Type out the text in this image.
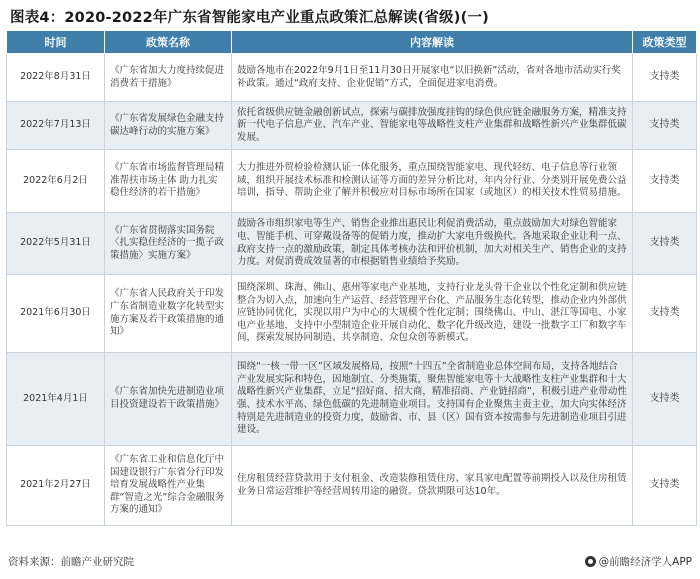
图表4：2020-2022年广东省智能家电产业重点政策汇总解读(省级)(一)
时间	政策名称	内容解读	政策类型
2022年8月31日	《广东省加大力度持续促进消费若干措施》	鼓励各地市在2022年9月1日至11月30日开展家电“以旧换新”活动，省对各地市活动实行奖补政策。通过“政府支持、企业促销”方式，全面促进家电消费。	支持类
2022年7月13日	《广东省发展绿色金融支持碳达峰行动的实施方案》	依托省级供应链金融创新试点，探索与碳排放强度挂钩的绿色供应链金融服务方案，精准支持新一代电子信息产业、汽车产业、智能家电等战略性支柱产业集群和战略性新兴产业集群低碳发展。	支持类
2022年6月2日	《广东省市场监督管理局精准帮扶市场主体 助力扎实稳住经济的若干措施》	大力推进外贸检验检测认证一体化服务，重点围绕智能家电、现代轻纺、电子信息等行业领域，组织开展技术标准和检测认证等方面的差异分析比对，年内分行业、分类别开展免费公益培训，指导、帮助企业了解并积极应对目标市场所在国家（或地区）的相关技术性贸易措施。	支持类
2022年5月31日	《广东省贯彻落实国务院〈扎实稳住经济的一揽子政策措施〉实施方案》	鼓励各市组织家电等生产、销售企业推出惠民让利促消费活动，重点鼓励加大对绿色智能家电、智能手机、可穿戴设备等的促销力度，推动扩大家电升级换代。各地采取企业让利一点、政府支持一点的激励政策，制定具体考核办法和评价机制，加大对相关生产、销售企业的支持力度。对促消费成效显著的市根据销售业绩给予奖励。	支持类
2021年6月30日	《广东省人民政府关于印发广东省制造业数字化转型实施方案及若干政策措施的通知》	围绕深圳、珠海、佛山、惠州等家电产业基地，支持行业龙头骨干企业以个性化定制和供应链整合为切入点，加速向生产运营、经营管理平台化、产品服务生态化转型，推动企业内外部供应链协同优化，实现以用户为中心的大规模个性化定制；围绕佛山、中山、湛江等国电、小家电产业基地，支持中小型制造企业开展自动化、数字化升级改造，建设一批数字工厂和数字车间，探索发展协同制造、共享制造、众包众创等新模式。	支持类
2021年4月1日	《广东省加快先进制造业项目投资建设若干政策措施》	围绕“一核一带一区”区域发展格局，按照“十四五”全省制造业总体空间布局，支持各地结合产业发展实际和特色，因地制宜、分类施策，聚焦智能家电等十大战略性支柱产业集群和十大战略性新兴产业集群，立足“招好商、招大商，精准招商、产业链招商”，积极引进产业带动性强、技术水平高、绿色低碳的先进制造业项目。支持国有企业聚焦主责主业，加大向实体经济特别是先进制造业的投资力度，鼓励省、市、县（区）国有资本按需参与先进制造业项目引进建设。	支持类
2021年2月27日	《广东省工业和信息化厅中国建设银行广东省分行印发培育发展战略性产业集群“智造之光”综合金融服务方案的通知》	住房租赁经营贷款用于支付租金、改造装修租赁住房、家具家电配置等前期投入以及住房租赁业务日常运营维护等经营周转用途的融资。贷款期限可达10年。	支持类
资料来源：前瞻产业研究院	@前瞻经济学人APP
